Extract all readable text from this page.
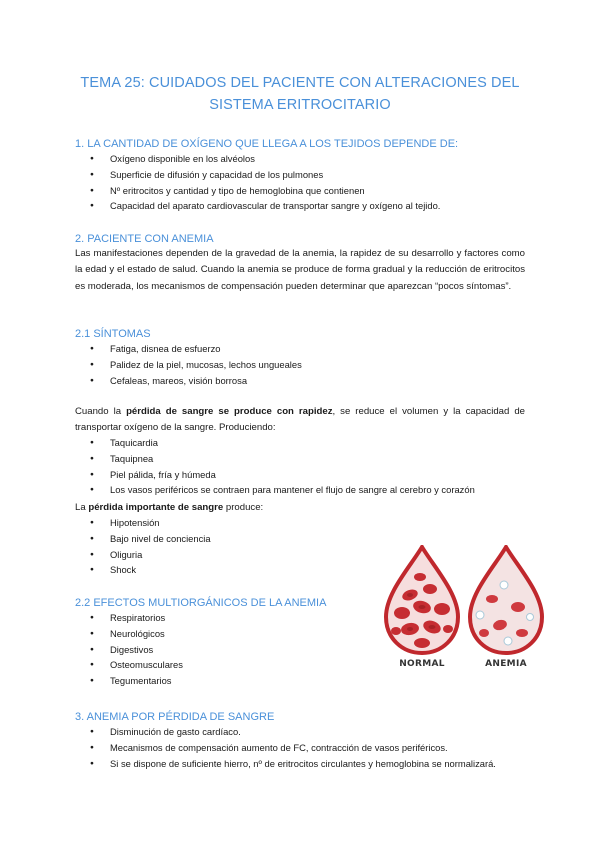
TEMA 25: CUIDADOS DEL PACIENTE CON ALTERACIONES DEL
SISTEMA ERITROCITARIO
1. LA CANTIDAD DE OXÍGENO QUE LLEGA A LOS TEJIDOS DEPENDE DE:
● Oxígeno disponible en los alvéolos
● Superficie de difusión y capacidad de los pulmones
● Nº eritrocitos y cantidad y tipo de hemoglobina que contienen
● Capacidad del aparato cardiovascular de transportar sangre y oxígeno al tejido.
2. PACIENTE CON ANEMIA
Las manifestaciones dependen de la gravedad de la anemia, la rapidez de su desarrollo y factores como la edad y el estado de salud. Cuando la anemia se produce de forma gradual y la reducción de eritrocitos es moderada, los mecanismos de compensación pueden determinar que aparezcan “pocos síntomas”.
2.1 SÍNTOMAS
● Fatiga, disnea de esfuerzo
● Palidez de la piel, mucosas, lechos ungueales
● Cefaleas, mareos, visión borrosa
Cuando la pérdida de sangre se produce con rapidez, se reduce el volumen y la capacidad de transportar oxígeno de la sangre. Produciendo:
● Taquicardia
● Taquipnea
● Piel pálida, fría y húmeda
● Los vasos periféricos se contraen para mantener el flujo de sangre al cerebro y corazón
La pérdida importante de sangre produce:
● Hipotensión
● Bajo nivel de conciencia
● Oliguria
● Shock
2.2 EFECTOS MULTIORGÁNICOS DE LA ANEMIA
● Respiratorios
● Neurológicos
● Digestivos
● Osteomusculares
● Tegumentarios
NORMAL	ANEMIA
3. ANEMIA POR PÉRDIDA DE SANGRE
● Disminución de gasto cardíaco.
● Mecanismos de compensación aumento de FC, contracción de vasos periféricos.
● Si se dispone de suficiente hierro, nº de eritrocitos circulantes y hemoglobina se normalizará.
